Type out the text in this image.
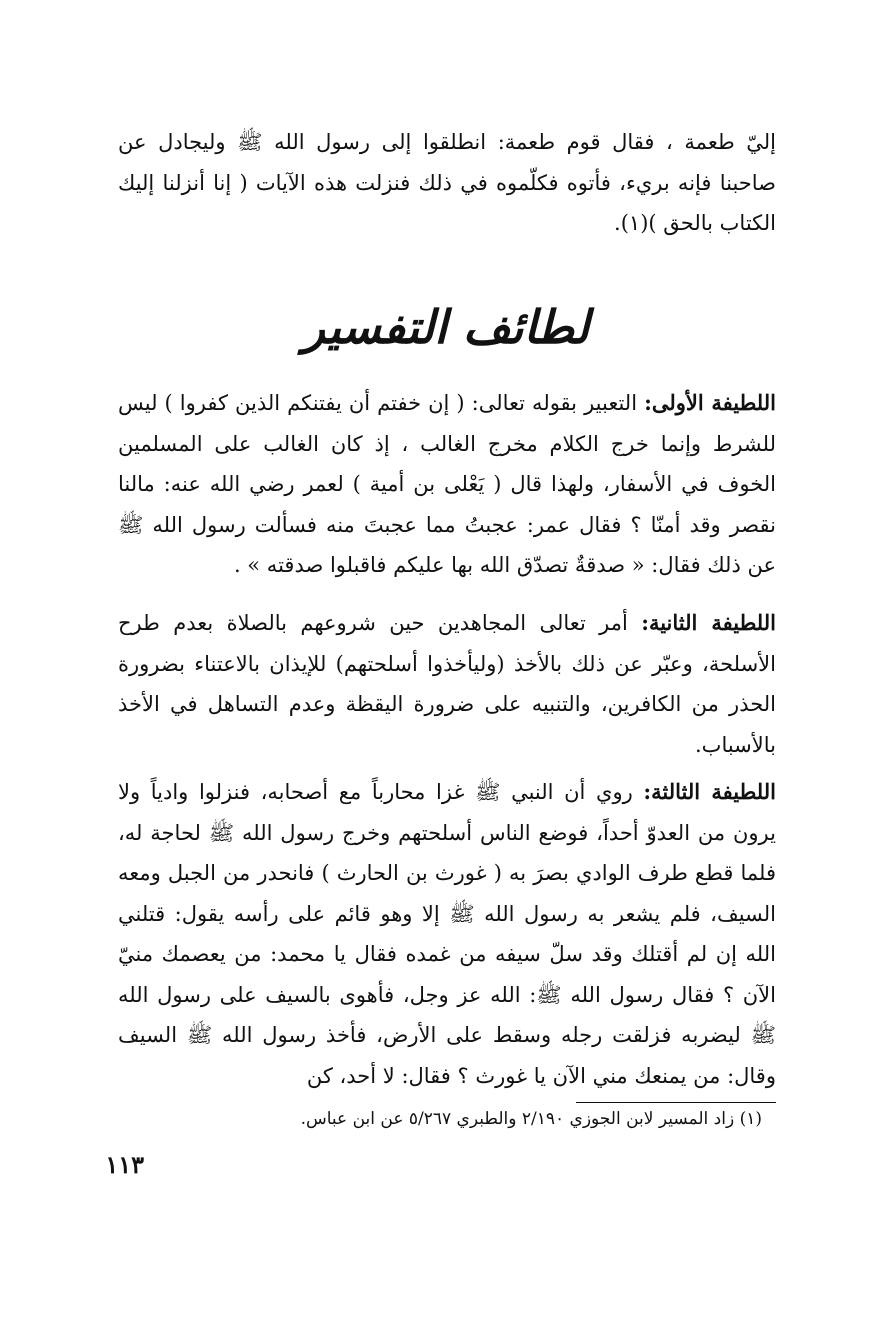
إليّ طعمة ، فقال قوم طعمة: انطلقوا إلى رسول الله ﷺ وليجادل عن صاحبنا فإنه بريء، فأتوه فكلّموه في ذلك فنزلت هذه الآيات ( إنا أنزلنا إليك الكتاب بالحق )(١).

لطائف التفسير

اللطيفة الأولى: التعبير بقوله تعالى: ( إن خفتم أن يفتنكم الذين كفروا ) ليس للشرط وإنما خرج الكلام مخرج الغالب ، إذ كان الغالب على المسلمين الخوف في الأسفار، ولهذا قال ( يَعْلى بن أمية ) لعمر رضي الله عنه: مالنا نقصر وقد أمنّا ؟ فقال عمر: عجبتُ مما عجبتَ منه فسألت رسول الله ﷺ عن ذلك فقال: « صدقةٌ تصدّق الله بها عليكم فاقبلوا صدقته » .

اللطيفة الثانية: أمر تعالى المجاهدين حين شروعهم بالصلاة بعدم طرح الأسلحة، وعبّر عن ذلك بالأخذ (وليأخذوا أسلحتهم) للإيذان بالاعتناء بضرورة الحذر من الكافرين، والتنبيه على ضرورة اليقظة وعدم التساهل في الأخذ بالأسباب.

اللطيفة الثالثة: روي أن النبي ﷺ غزا محارباً مع أصحابه، فنزلوا وادياً ولا يرون من العدوّ أحداً، فوضع الناس أسلحتهم وخرج رسول الله ﷺ لحاجة له، فلما قطع طرف الوادي بصرَ به ( غورث بن الحارث ) فانحدر من الجبل ومعه السيف، فلم يشعر به رسول الله ﷺ إلا وهو قائم على رأسه يقول: قتلني الله إن لم أقتلك وقد سلّ سيفه من غمده فقال يا محمد: من يعصمك منيّ الآن ؟ فقال رسول الله ﷺ: الله عز وجل، فأهوى بالسيف على رسول الله ﷺ ليضربه فزلقت رجله وسقط على الأرض، فأخذ رسول الله ﷺ السيف وقال: من يمنعك مني الآن يا غورث ؟ فقال: لا أحد، كن

(١) زاد المسير لابن الجوزي ٢/١٩٠ والطبري ٥/٢٦٧ عن ابن عباس.
١١٣
